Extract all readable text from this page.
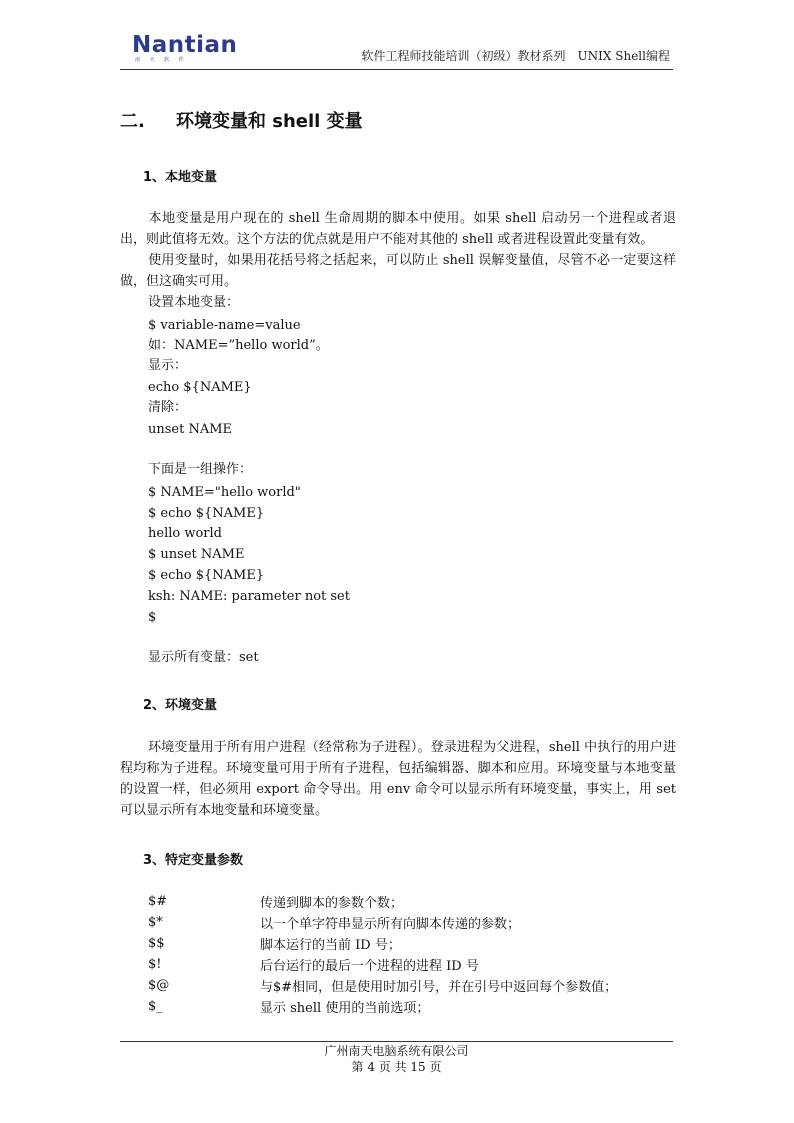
Nantian
南 天 软 件	软件工程师技能培训（初级）教材系列　UNIX Shell编程
二. 环境变量和 shell 变量
1、本地变量

本地变量是用户现在的 shell 生命周期的脚本中使用。如果 shell 启动另一个进程或者退出，则此值将无效。这个方法的优点就是用户不能对其他的 shell 或者进程设置此变量有效。

使用变量时，如果用花括号将之括起来，可以防止 shell 误解变量值，尽管不必一定要这样做，但这确实可用。

设置本地变量：
$ variable-name=value
如：NAME=”hello world”。
显示：
echo ${NAME}
清除：
unset NAME
下面是一组操作：
$ NAME="hello world"
$ echo ${NAME}
hello world
$ unset NAME
$ echo ${NAME}
ksh: NAME: parameter not set
$
显示所有变量：set
2、环境变量

环境变量用于所有用户进程（经常称为子进程）。登录进程为父进程，shell 中执行的用户进程均称为子进程。环境变量可用于所有子进程，包括编辑器、脚本和应用。环境变量与本地变量的设置一样，但必须用 export 命令导出。用 env 命令可以显示所有环境变量，事实上，用 set 可以显示所有本地变量和环境变量。

3、特定变量参数
$#	传递到脚本的参数个数；
$*	以一个单字符串显示所有向脚本传递的参数；
$$	脚本运行的当前 ID 号；
$!	后台运行的最后一个进程的进程 ID 号
$@	与$#相同，但是使用时加引号，并在引号中返回每个参数值；
$_	显示 shell 使用的当前选项；
广州南天电脑系统有限公司
第 4 页 共 15 页
